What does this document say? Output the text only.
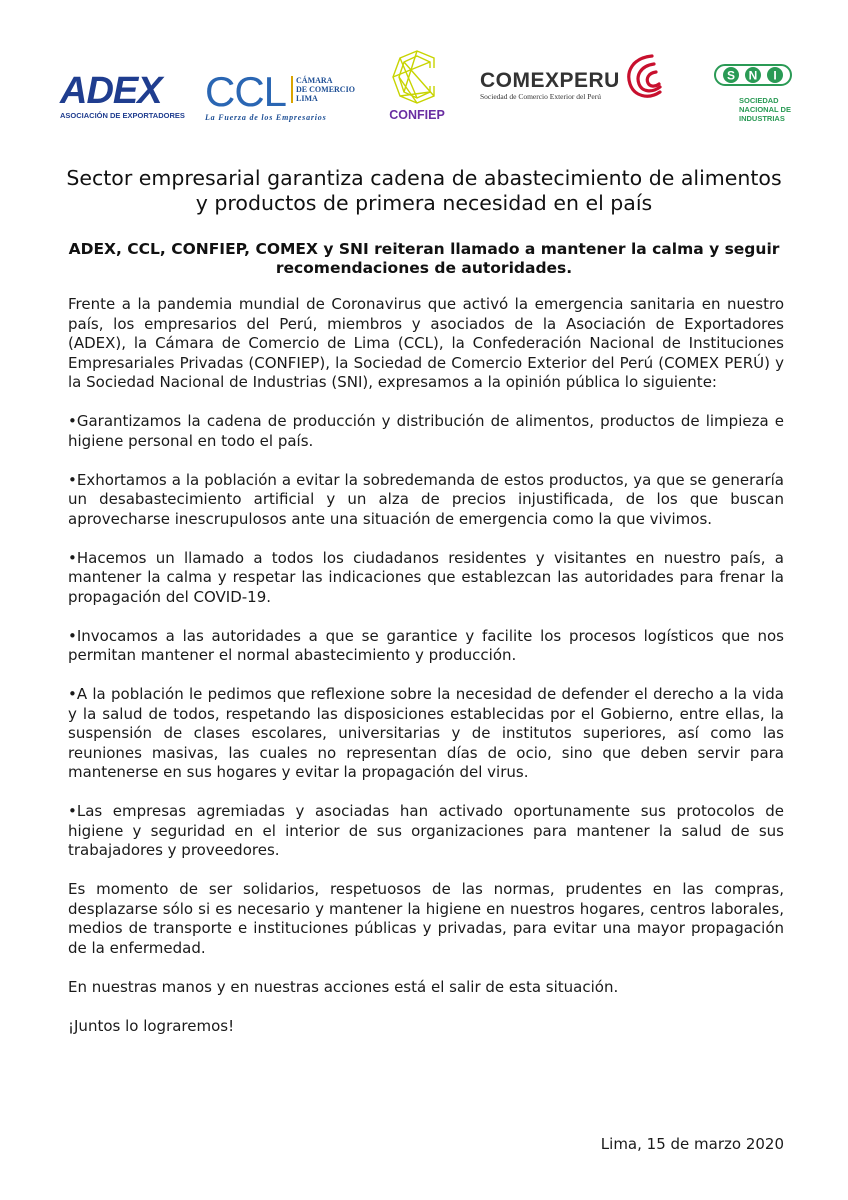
ADEX
ASOCIACIÓN DE EXPORTADORES
CCL CÁMARA
DE COMERCIO
LIMA
La Fuerza de los Empresarios	CONFIEP
COMEXPERU
Sociedad de Comercio Exterior del Perú
S N I
SOCIEDAD
NACIONAL DE
INDUSTRIAS
Sector empresarial garantiza cadena de abastecimiento de alimentos y productos de primera necesidad en el país
ADEX, CCL, CONFIEP, COMEX y SNI reiteran llamado a mantener la calma y seguir recomendaciones de autoridades.

Frente a la pandemia mundial de Coronavirus que activó la emergencia sanitaria en nuestro país, los empresarios del Perú, miembros y asociados de la Asociación de Exportadores (ADEX), la Cámara de Comercio de Lima (CCL), la Confederación Nacional de Instituciones Empresariales Privadas (CONFIEP), la Sociedad de Comercio Exterior del Perú (COMEX PERÚ) y la Sociedad Nacional de Industrias (SNI), expresamos a la opinión pública lo siguiente:

•Garantizamos la cadena de producción y distribución de alimentos, productos de limpieza e higiene personal en todo el país.

•Exhortamos a la población a evitar la sobredemanda de estos productos, ya que se generaría un desabastecimiento artificial y un alza de precios injustificada, de los que buscan aprovecharse inescrupulosos ante una situación de emergencia como la que vivimos.

•Hacemos un llamado a todos los ciudadanos residentes y visitantes en nuestro país, a mantener la calma y respetar las indicaciones que establezcan las autoridades para frenar la propagación del COVID-19.

•Invocamos a las autoridades a que se garantice y facilite los procesos logísticos que nos permitan mantener el normal abastecimiento y producción.

•A la población le pedimos que reflexione sobre la necesidad de defender el derecho a la vida y la salud de todos, respetando las disposiciones establecidas por el Gobierno, entre ellas, la suspensión de clases escolares, universitarias y de institutos superiores, así como las reuniones masivas, las cuales no representan días de ocio, sino que deben servir para mantenerse en sus hogares y evitar la propagación del virus.

•Las empresas agremiadas y asociadas han activado oportunamente sus protocolos de higiene y seguridad en el interior de sus organizaciones para mantener la salud de sus trabajadores y proveedores.

Es momento de ser solidarios, respetuosos de las normas, prudentes en las compras, desplazarse sólo si es necesario y mantener la higiene en nuestros hogares, centros laborales, medios de transporte e instituciones públicas y privadas, para evitar una mayor propagación de la enfermedad.

En nuestras manos y en nuestras acciones está el salir de esta situación.

¡Juntos lo lograremos!

Lima, 15 de marzo 2020
